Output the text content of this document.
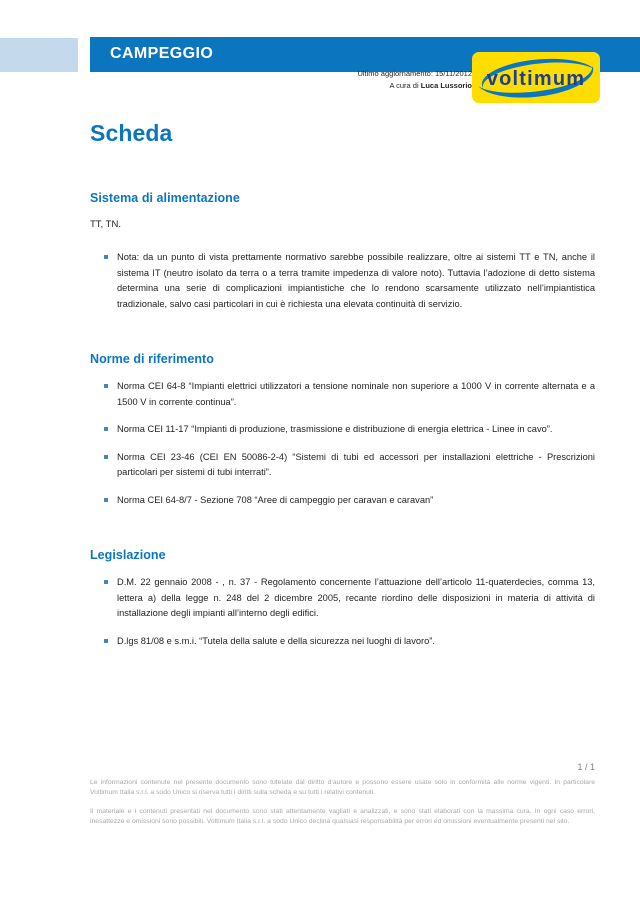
CAMPEGGIO
Ultimo aggiornamento: 15/11/2012
A cura di Luca Lussorio voltimum
Scheda
Sistema di alimentazione

TT, TN.

Nota: da un punto di vista prettamente normativo sarebbe possibile realizzare, oltre ai sistemi TT e TN, anche il sistema IT (neutro isolato da terra o a terra tramite impedenza di valore noto). Tuttavia l’adozione di detto sistema determina una serie di complicazioni impiantistiche che lo rendono scarsamente utilizzato nell’impiantistica tradizionale, salvo casi particolari in cui è richiesta una elevata continuità di servizio.
Norme di riferimento
Norma CEI 64-8 “Impianti elettrici utilizzatori a tensione nominale non superiore a 1000 V in corrente alternata e a 1500 V in corrente continua”.
Norma CEI 11-17 “Impianti di produzione, trasmissione e distribuzione di energia elettrica - Linee in cavo”.
Norma CEI 23-46 (CEI EN 50086-2-4) “Sistemi di tubi ed accessori per installazioni elettriche - Prescrizioni particolari per sistemi di tubi interrati”.
Norma CEI 64-8/7 - Sezione 708 “Aree di campeggio per caravan e caravan”
Legislazione
D.M. 22 gennaio 2008 - , n. 37 - Regolamento concernente l’attuazione dell’articolo 11-quaterdecies, comma 13, lettera a) della legge n. 248 del 2 dicembre 2005, recante riordino delle disposizioni in materia di attività di installazione degli impianti all’interno degli edifici.
D.lgs 81/08 e s.m.i. “Tutela della salute e della sicurezza nei luoghi di lavoro”.
1 / 1

Le informazioni contenute nel presente documento sono tutelate dal diritto d’autore e possono essere usate solo in conformità alle norme vigenti. In particolare Voltimum Italia s.r.l. a sodo Unico si riserva tutti i diritti sulla scheda e su tutti i relativi contenuti.

Il materiale e i contenuti presentati nel documento sono stati attentamente vagliati e analizzati, e sono stati elaborati con la massima cura. In ogni caso errori, inesattezze e omissioni sono possibili. Voltimum Italia s.r.l. a sodo Unico declina qualsiasi responsabilità per errori ed omissioni eventualmente presenti nel sito.
